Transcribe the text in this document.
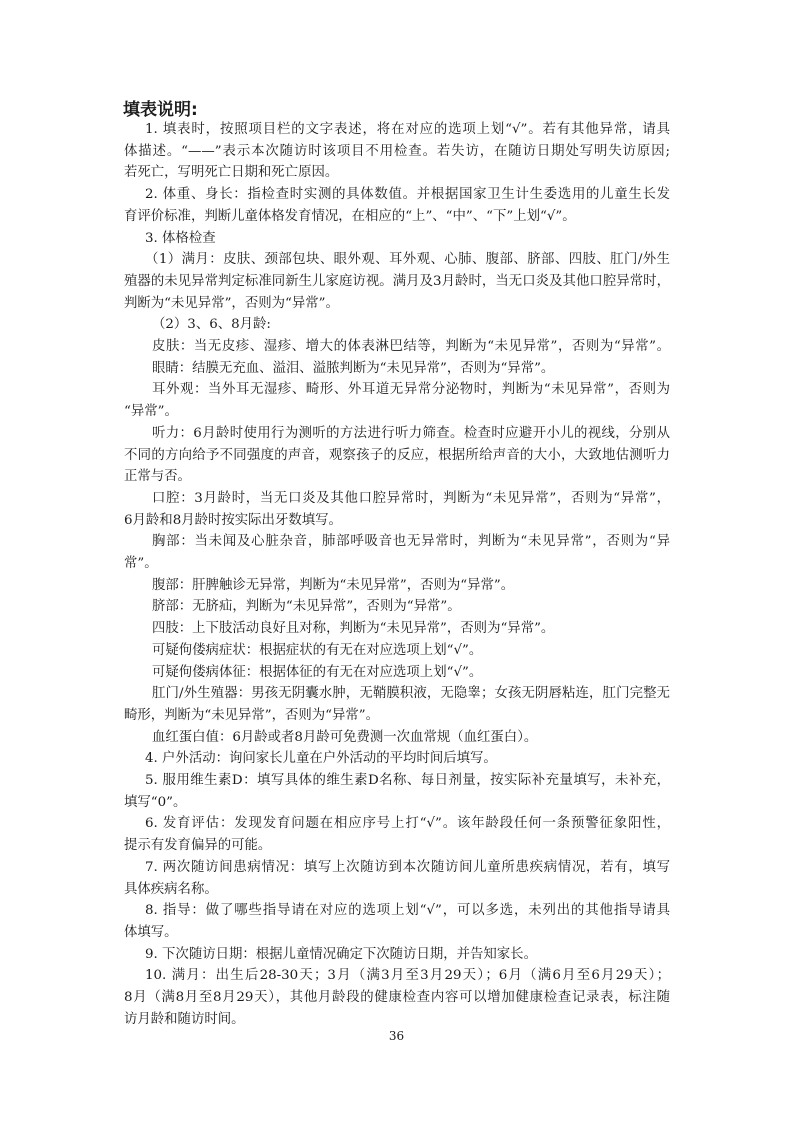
填表说明:
1. 填表时，按照项目栏的文字表述，将在对应的选项上划“√”。若有其他异常，请具
体描述。“——”表示本次随访时该项目不用检查。若失访，在随访日期处写明失访原因;
若死亡，写明死亡日期和死亡原因。
2. 体重、身长：指检查时实测的具体数值。并根据国家卫生计生委选用的儿童生长发
育评价标准，判断儿童体格发育情况，在相应的“上”、“中”、“下”上划“√”。
3. 体格检查
（1）满月：皮肤、颈部包块、眼外观、耳外观、心肺、腹部、脐部、四肢、肛门/外生
殖器的未见异常判定标准同新生儿家庭访视。满月及3月龄时，当无口炎及其他口腔异常时，
判断为“未见异常”，否则为“异常”。
（2）3、6、8月龄:
皮肤：当无皮疹、湿疹、增大的体表淋巴结等，判断为“未见异常”，否则为“异常”。
眼睛：结膜无充血、溢泪、溢脓判断为“未见异常”，否则为“异常”。
耳外观：当外耳无湿疹、畸形、外耳道无异常分泌物时，判断为“未见异常”，否则为
“异常”。
听力：6月龄时使用行为测听的方法进行听力筛查。检查时应避开小儿的视线，分别从
不同的方向给予不同强度的声音，观察孩子的反应，根据所给声音的大小，大致地估测听力
正常与否。
口腔：3月龄时，当无口炎及其他口腔异常时，判断为“未见异常”，否则为“异常”，
6月龄和8月龄时按实际出牙数填写。
胸部：当未闻及心脏杂音，肺部呼吸音也无异常时，判断为“未见异常”，否则为“异
常”。
腹部：肝脾触诊无异常，判断为“未见异常”，否则为“异常”。
脐部：无脐疝，判断为“未见异常”，否则为“异常”。
四肢：上下肢活动良好且对称，判断为“未见异常”，否则为“异常”。
可疑佝偻病症状：根据症状的有无在对应选项上划“√”。
可疑佝偻病体征：根据体征的有无在对应选项上划“√”。
肛门/外生殖器：男孩无阴囊水肿，无鞘膜积液，无隐睾；女孩无阴唇粘连，肛门完整无
畸形，判断为“未见异常”，否则为“异常”。
血红蛋白值：6月龄或者8月龄可免费测一次血常规（血红蛋白）。
4. 户外活动：询问家长儿童在户外活动的平均时间后填写。
5. 服用维生素D：填写具体的维生素D名称、每日剂量，按实际补充量填写，未补充，
填写“0”。
6. 发育评估：发现发育问题在相应序号上打“√”。该年龄段任何一条预警征象阳性，
提示有发育偏异的可能。
7. 两次随访间患病情况：填写上次随访到本次随访间儿童所患疾病情况，若有，填写
具体疾病名称。
8. 指导：做了哪些指导请在对应的选项上划“√”，可以多选，未列出的其他指导请具
体填写。
9. 下次随访日期：根据儿童情况确定下次随访日期，并告知家长。
10. 满月：出生后28-30天；3月（满3月至3月29天）；6月（满6月至6月29天）；
8月（满8月至8月29天），其他月龄段的健康检查内容可以增加健康检查记录表，标注随
访月龄和随访时间。
36
